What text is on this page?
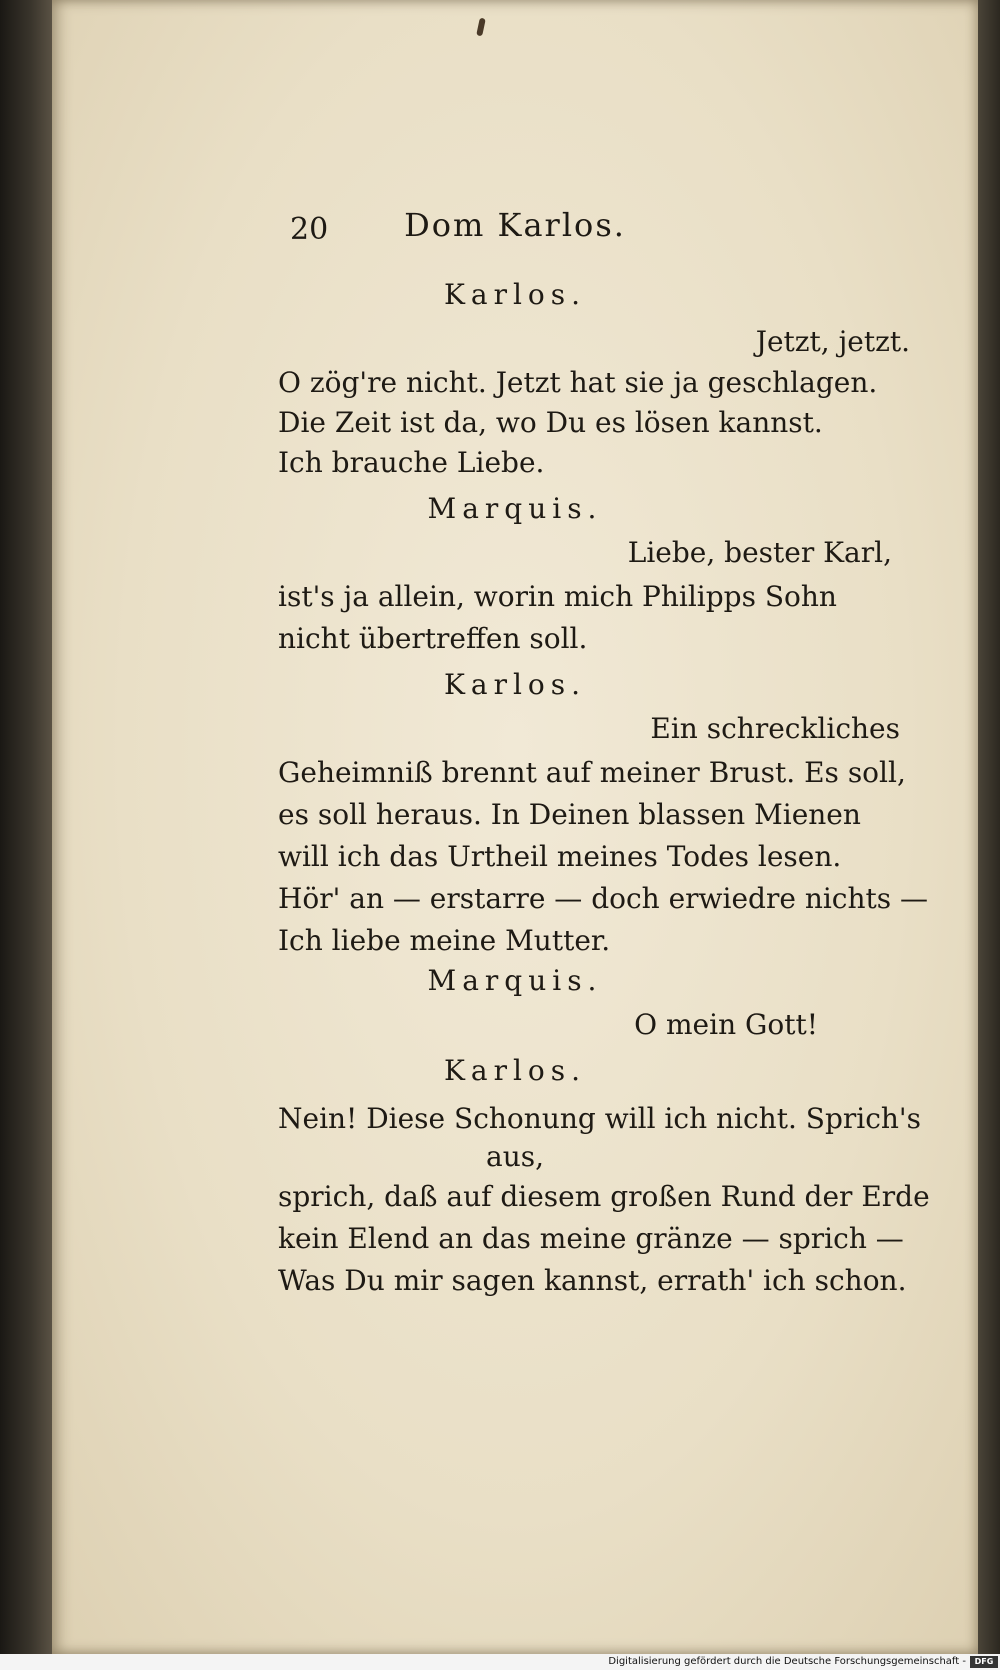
20	Dom Karlos.
Karlos.
Jetzt, jetzt.
O zög're nicht. Jetzt hat sie ja geschlagen.
Die Zeit ist da, wo Du es lösen kannst.
Ich brauche Liebe.
Marquis.
Liebe, bester Karl,
ist's ja allein, worin mich Philipps Sohn
nicht übertreffen soll.
Karlos.
Ein schreckliches
Geheimniß brennt auf meiner Brust. Es soll,
es soll heraus. In Deinen blassen Mienen
will ich das Urtheil meines Todes lesen.
Hör' an — erstarre — doch erwiedre nichts —
Ich liebe meine Mutter.
Marquis.
O mein Gott!
Karlos.
Nein! Diese Schonung will ich nicht. Sprich's
aus,
sprich, daß auf diesem großen Rund der Erde
kein Elend an das meine gränze — sprich —
Was Du mir sagen kannst, errath' ich schon.
Digitalisierung gefördert durch die Deutsche Forschungsgemeinschaft -	DFG
